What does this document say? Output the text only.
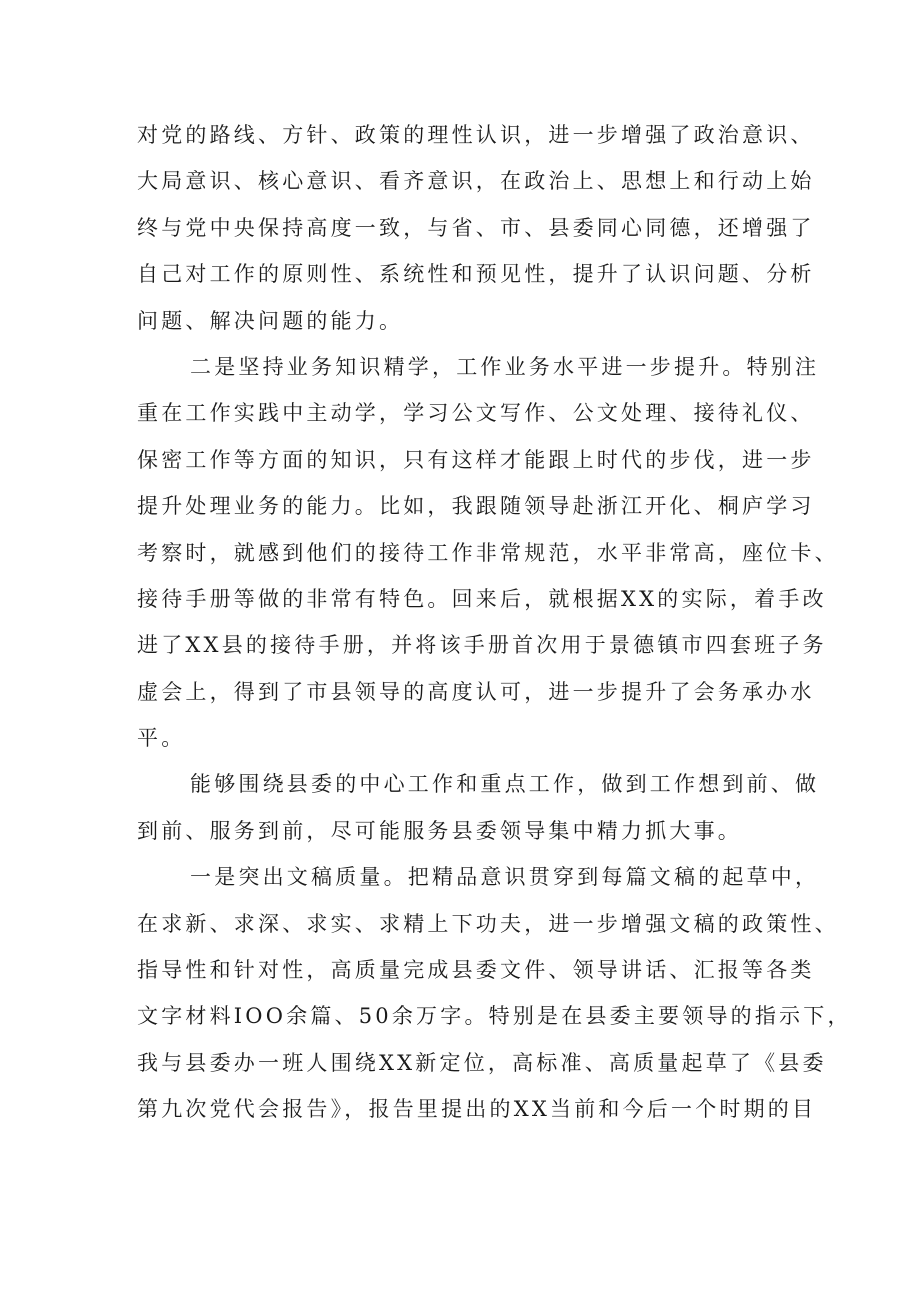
对党的路线、方针、政策的理性认识，进一步增强了政治意识、
大局意识、核心意识、看齐意识，在政治上、思想上和行动上始
终与党中央保持高度一致，与省、市、县委同心同德，还增强了
自己对工作的原则性、系统性和预见性，提升了认识问题、分析
问题、解决问题的能力。
二是坚持业务知识精学，工作业务水平进一步提升。特别注
重在工作实践中主动学，学习公文写作、公文处理、接待礼仪、
保密工作等方面的知识，只有这样才能跟上时代的步伐，进一步
提升处理业务的能力。比如，我跟随领导赴浙江开化、桐庐学习
考察时，就感到他们的接待工作非常规范，水平非常高，座位卡、
接待手册等做的非常有特色。回来后，就根据XX的实际，着手改
进了XX县的接待手册，并将该手册首次用于景德镇市四套班子务
虚会上，得到了市县领导的高度认可，进一步提升了会务承办水
平。
能够围绕县委的中心工作和重点工作，做到工作想到前、做
到前、服务到前，尽可能服务县委领导集中精力抓大事。
一是突出文稿质量。把精品意识贯穿到每篇文稿的起草中，
在求新、求深、求实、求精上下功夫，进一步增强文稿的政策性、
指导性和针对性，高质量完成县委文件、领导讲话、汇报等各类
文字材料IOO余篇、50余万字。特别是在县委主要领导的指示下，
我与县委办一班人围绕XX新定位，高标准、高质量起草了《县委
第九次党代会报告》，报告里提出的XX当前和今后一个时期的目
